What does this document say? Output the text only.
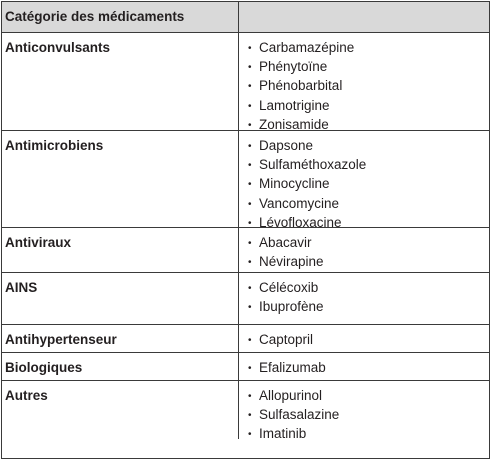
Catégorie des médicaments
Anticonvulsants	• Carbamazépine
• Phénytoïne
• Phénobarbital
• Lamotrigine
• Zonisamide
Antimicrobiens	• Dapsone
• Sulfaméthoxazole
• Minocycline
• Vancomycine
• Lévofloxacine
Antiviraux	• Abacavir
• Névirapine
AINS	• Célécoxib
• Ibuprofène
Antihypertenseur	• Captopril
Biologiques	• Efalizumab
Autres	• Allopurinol
• Sulfasalazine
• Imatinib
